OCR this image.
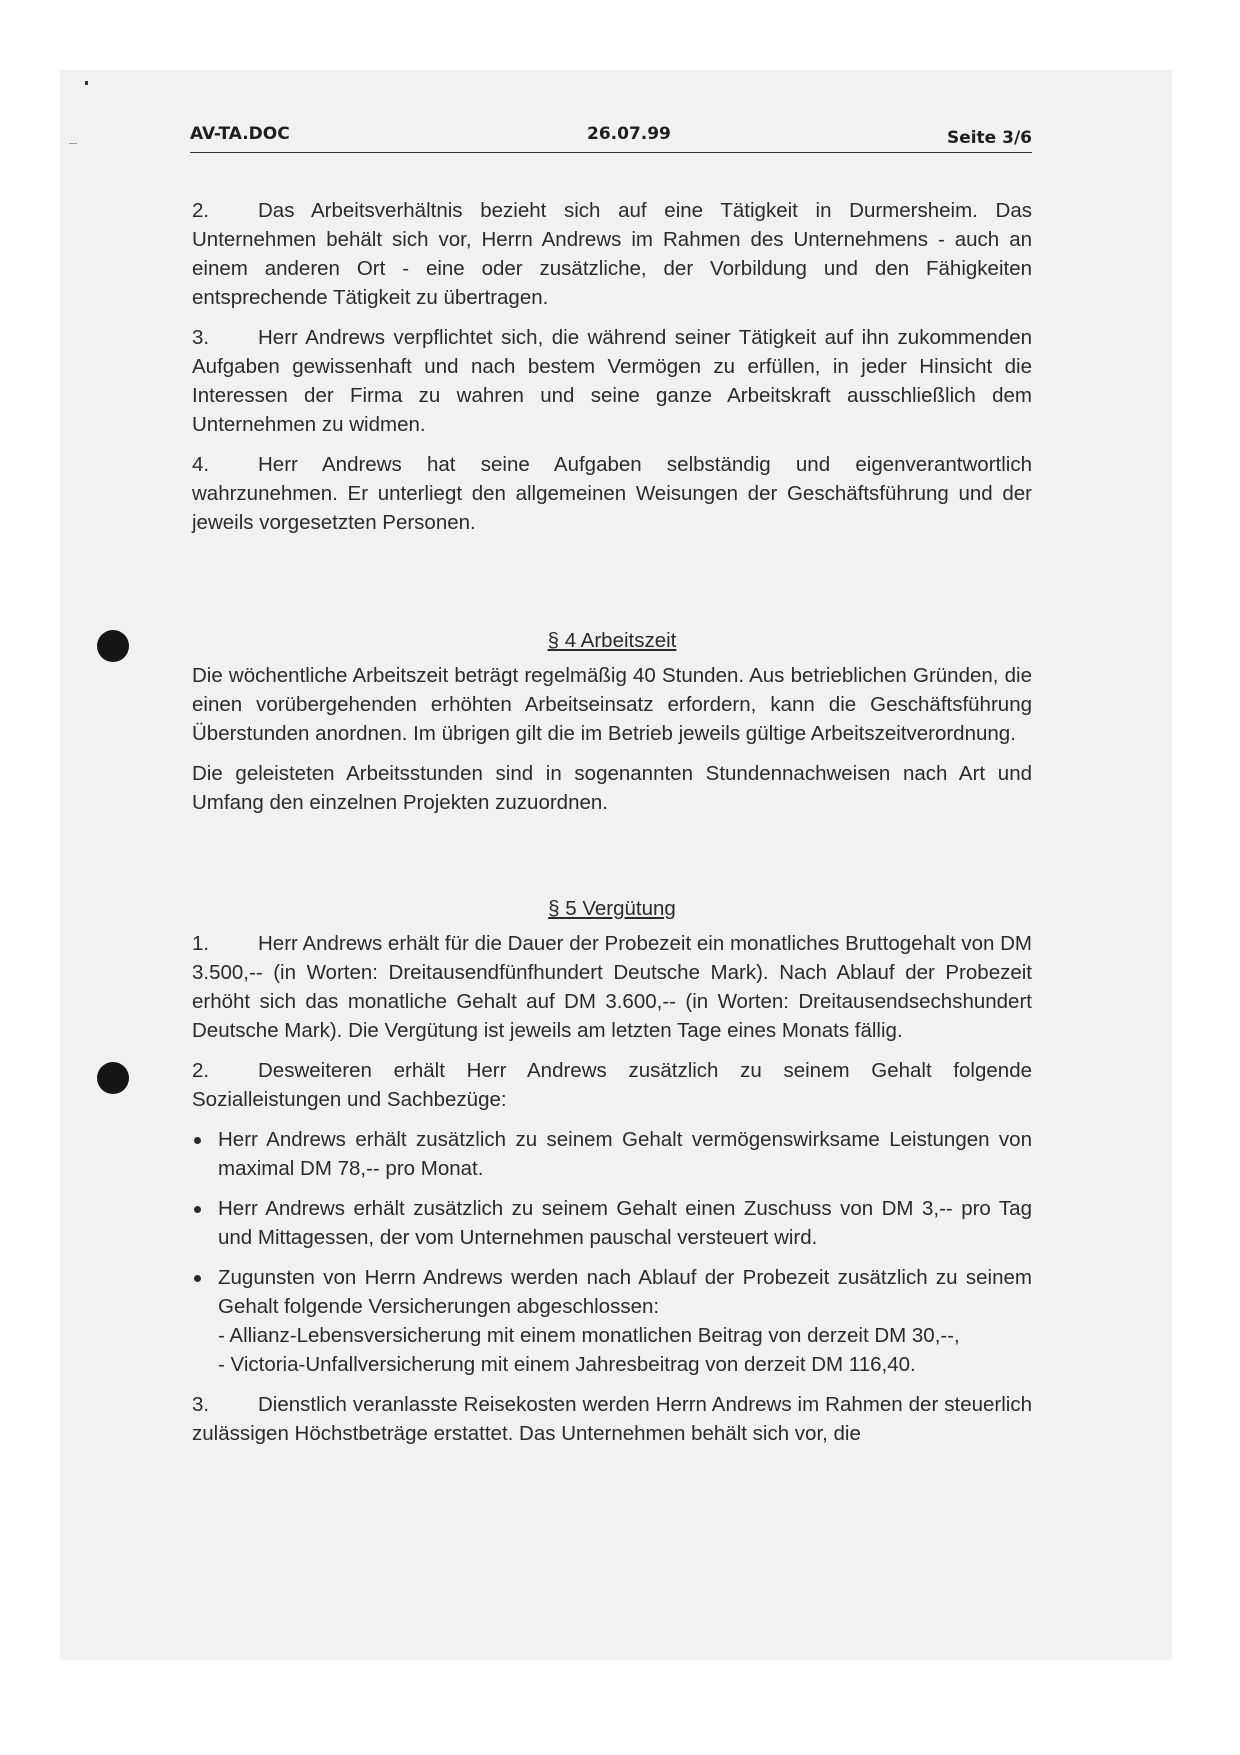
AV-TA.DOC	26.07.99	Seite 3/6

2. Das Arbeitsverhältnis bezieht sich auf eine Tätigkeit in Durmersheim. Das Unternehmen behält sich vor, Herrn Andrews im Rahmen des Unternehmens - auch an einem anderen Ort - eine oder zusätzliche, der Vorbildung und den Fähigkeiten entsprechende Tätigkeit zu übertragen.

3. Herr Andrews verpflichtet sich, die während seiner Tätigkeit auf ihn zukommenden Aufgaben gewissenhaft und nach bestem Vermögen zu erfüllen, in jeder Hinsicht die Interessen der Firma zu wahren und seine ganze Arbeitskraft ausschließlich dem Unternehmen zu widmen.

4. Herr Andrews hat seine Aufgaben selbständig und eigenverantwortlich wahrzunehmen. Er unterliegt den allgemeinen Weisungen der Geschäftsführung und der jeweils vorgesetzten Personen.

§ 4 Arbeitszeit

Die wöchentliche Arbeitszeit beträgt regelmäßig 40 Stunden. Aus betrieblichen Gründen, die einen vorübergehenden erhöhten Arbeitseinsatz erfordern, kann die Geschäftsführung Überstunden anordnen. Im übrigen gilt die im Betrieb jeweils gültige Arbeitszeitverordnung.

Die geleisteten Arbeitsstunden sind in sogenannten Stundennachweisen nach Art und Umfang den einzelnen Projekten zuzuordnen.

§ 5 Vergütung

1. Herr Andrews erhält für die Dauer der Probezeit ein monatliches Bruttogehalt von DM 3.500,-- (in Worten: Dreitausendfünfhundert Deutsche Mark). Nach Ablauf der Probezeit erhöht sich das monatliche Gehalt auf DM 3.600,-- (in Worten: Dreitausendsechshundert Deutsche Mark). Die Vergütung ist jeweils am letzten Tage eines Monats fällig.

2. Desweiteren erhält Herr Andrews zusätzlich zu seinem Gehalt folgende Sozialleistungen und Sachbezüge:

Herr Andrews erhält zusätzlich zu seinem Gehalt vermögenswirksame Leistungen von maximal DM 78,-- pro Monat.
Herr Andrews erhält zusätzlich zu seinem Gehalt einen Zuschuss von DM 3,-- pro Tag und Mittagessen, der vom Unternehmen pauschal versteuert wird.
Zugunsten von Herrn Andrews werden nach Ablauf der Probezeit zusätzlich zu seinem Gehalt folgende Versicherungen abgeschlossen:
- Allianz-Lebensversicherung mit einem monatlichen Beitrag von derzeit DM 30,--,
- Victoria-Unfallversicherung mit einem Jahresbeitrag von derzeit DM 116,40.

3. Dienstlich veranlasste Reisekosten werden Herrn Andrews im Rahmen der steuerlich zulässigen Höchstbeträge erstattet. Das Unternehmen behält sich vor, die
